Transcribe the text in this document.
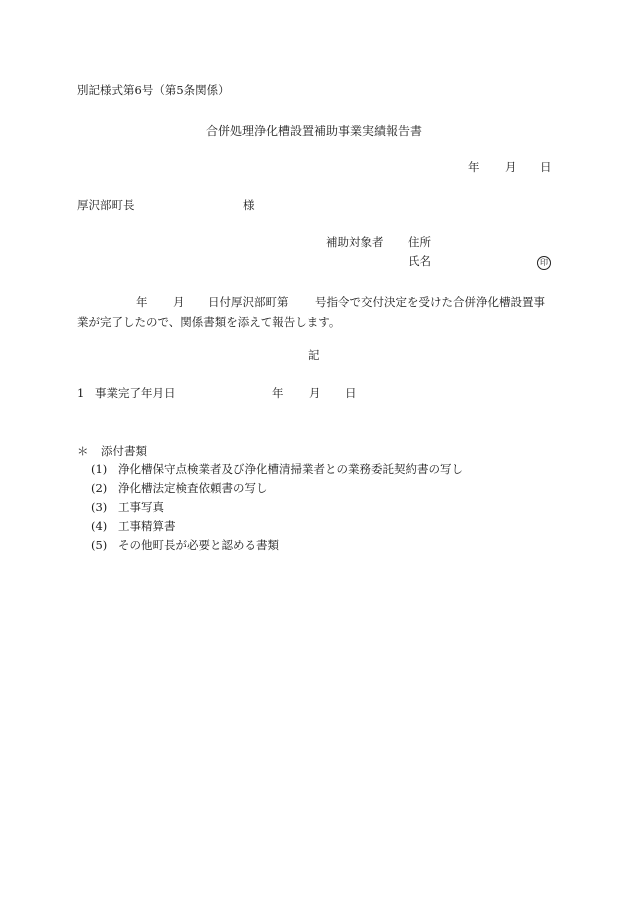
別記様式第6号（第5条関係）
合併処理浄化槽設置補助事業実績報告書
年 月 日
厚沢部町長	様
補助対象者 住所
氏名	印
年 月 日付厚沢部町第 号指令で交付決定を受けた合併浄化槽設置事
業が完了したので、関係書類を添えて報告します。
記
1 事業完了年月日	年 月 日
＊ 添付書類
(1) 浄化槽保守点検業者及び浄化槽清掃業者との業務委託契約書の写し
(2) 浄化槽法定検査依頼書の写し
(3) 工事写真
(4) 工事精算書
(5) その他町長が必要と認める書類
